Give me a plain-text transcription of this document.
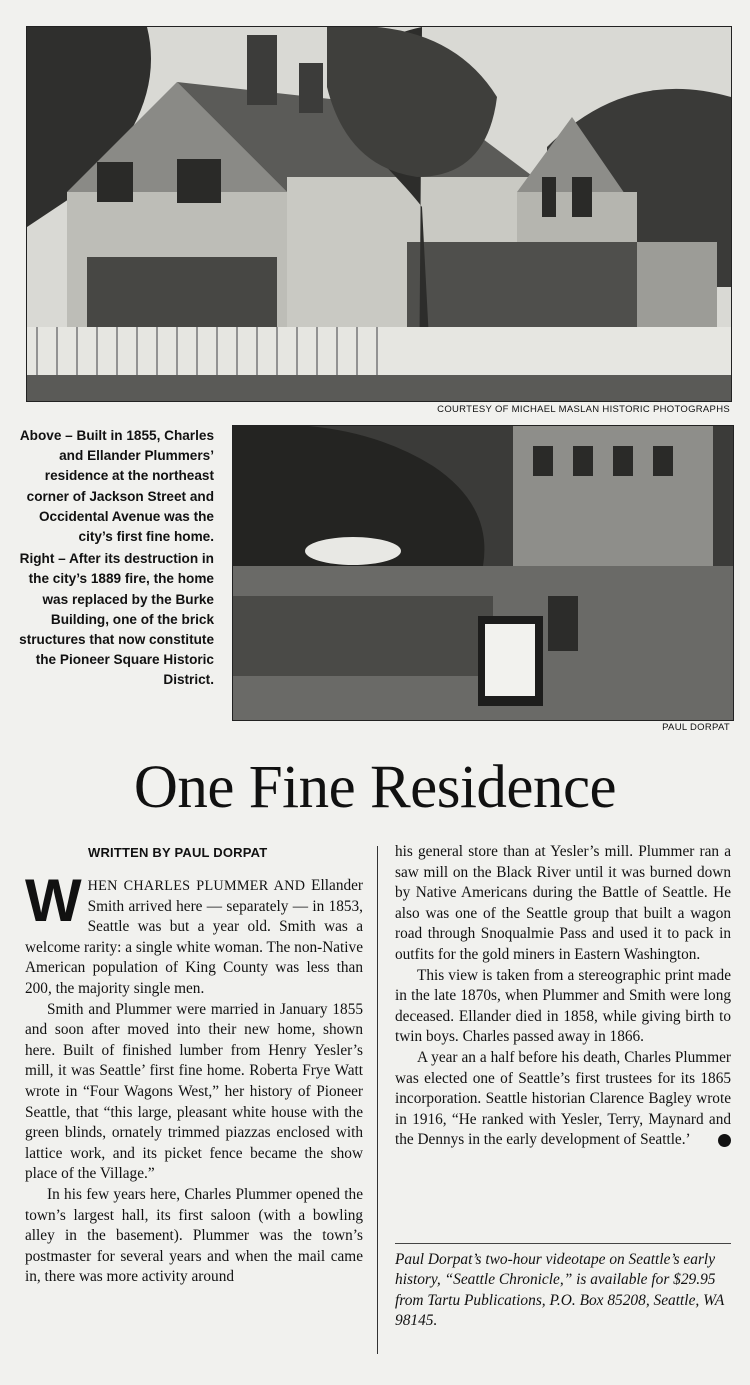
COURTESY OF MICHAEL MASLAN HISTORIC PHOTOGRAPHS

Above – Built in 1855, Charles and Ellander Plummers’ residence at the northeast corner of Jackson Street and Occidental Avenue was the city’s first fine home.

Right – After its destruction in the city’s 1889 fire, the home was replaced by the Burke Building, one of the brick structures that now constitute the Pioneer Square Historic District.

PAUL DORPAT
One Fine Residence
WRITTEN BY PAUL DORPAT

WHEN CHARLES PLUMMER AND Ellander Smith arrived here — separately — in 1853, Seattle was but a year old. Smith was a welcome rarity: a single white woman. The non-Native American population of King County was less than 200, the majority single men.

Smith and Plummer were married in January 1855 and soon after moved into their new home, shown here. Built of finished lumber from Henry Yesler’s mill, it was Seattle’ first fine home. Roberta Frye Watt wrote in “Four Wagons West,” her history of Pioneer Seattle, that “this large, pleasant white house with the green blinds, ornately trimmed piazzas enclosed with lattice work, and its picket fence became the show place of the Village.”

In his few years here, Charles Plummer opened the town’s largest hall, its first saloon (with a bowling alley in the basement). Plummer was the town’s postmaster for several years and when the mail came in, there was more activity around

his general store than at Yesler’s mill. Plummer ran a saw mill on the Black River until it was burned down by Native Americans during the Battle of Seattle. He also was one of the Seattle group that built a wagon road through Snoqualmie Pass and used it to pack in outfits for the gold miners in Eastern Washington.

This view is taken from a stereographic print made in the late 1870s, when Plummer and Smith were long deceased. Ellander died in 1858, while giving birth to twin boys. Charles passed away in 1866.

A year an a half before his death, Charles Plummer was elected one of Seattle’s first trustees for its 1865 incorporation. Seattle historian Clarence Bagley wrote in 1916, “He ranked with Yesler, Terry, Maynard and the Dennys in the early development of Seattle.’	P

Paul Dorpat’s two-hour videotape on Seattle’s early history, “Seattle Chronicle,” is available for $29.95 from Tartu Publications, P.O. Box 85208, Seattle, WA 98145.
